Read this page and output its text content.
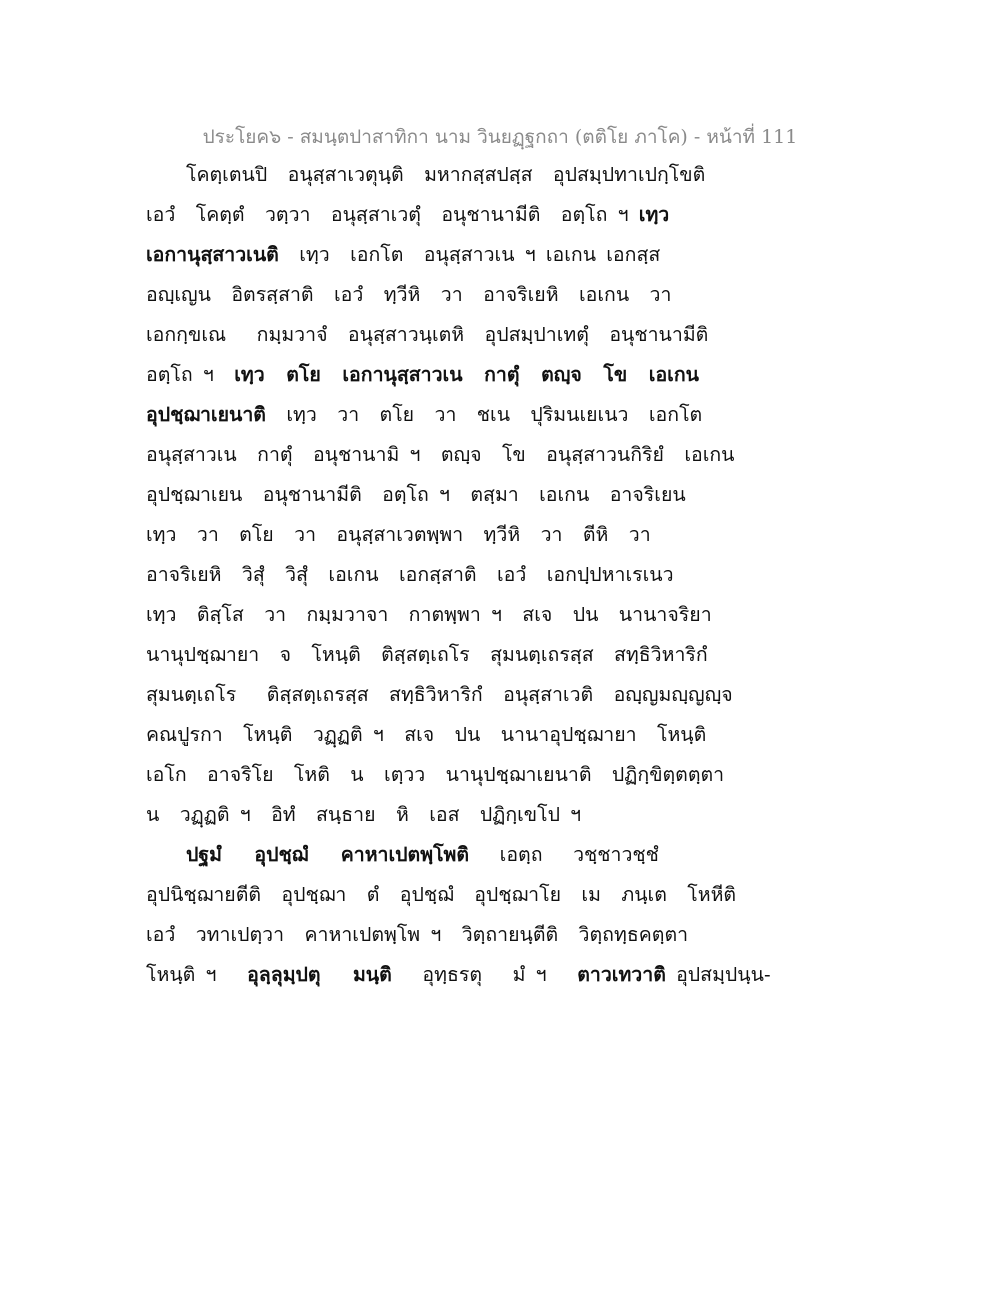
ประโยค๖ - สมนฺตปาสาทิกา นาม วินยฏฺฐกถา (ตติโย ภาโค) - หน้าที่ 111
โคตฺเตนปิ  อนุสฺสาเวตุนฺติ  มหากสฺสปสฺส  อุปสมฺปทาเปกฺโขติ
เอวํ  โคตฺตํ  วตฺวา  อนุสฺสาเวตุํ  อนุชานามีติ  อตฺโถ ฯ เทฺว
เอกานุสฺสาวเนติ  เทฺว  เอกโต  อนุสฺสาวเน ฯ เอเกน เอกสฺส
อญฺเญน  อิตรสฺสาติ  เอวํ  ทฺวีหิ  วา  อาจริเยหิ  เอเกน  วา
เอกกฺขเณ   กมฺมวาจํ  อนุสฺสาวนฺเตหิ  อุปสมฺปาเทตุํ  อนุชานามีติ
อตฺโถ ฯ  เทฺว  ตโย  เอกานุสฺสาวเน  กาตุํ  ตญฺจ  โข  เอเกน
อุปชฺฌาเยนาติ  เทฺว  วา  ตโย  วา  ชเน  ปุริมนเยเนว  เอกโต
อนุสฺสาวเน  กาตุํ  อนุชานามิ ฯ  ตญฺจ  โข  อนุสฺสาวนกิริยํ  เอเกน
อุปชฺฌาเยน  อนุชานามีติ  อตฺโถ ฯ  ตสฺมา  เอเกน  อาจริเยน
เทฺว  วา  ตโย  วา  อนุสฺสาเวตพฺพา  ทฺวีหิ  วา  ตีหิ  วา
อาจริเยหิ  วิสุํ  วิสุํ  เอเกน  เอกสฺสาติ  เอวํ  เอกปฺปหาเรเนว
เทฺว  ติสฺโส  วา  กมฺมวาจา  กาตพฺพา ฯ  สเจ  ปน  นานาจริยา
นานุปชฺฌายา  จ  โหนฺติ  ติสฺสตฺเถโร  สุมนตฺเถรสฺส  สทฺธิวิหาริกํ
สุมนตฺเถโร   ติสฺสตฺเถรสฺส  สทฺธิวิหาริกํ  อนุสฺสาเวติ  อญฺญมญฺญญฺจ
คณปูรกา  โหนฺติ  วฏฺฏติ ฯ  สเจ  ปน  นานาอุปชฺฌายา  โหนฺติ
เอโก  อาจริโย  โหติ  น  เตฺวว  นานุปชฺฌาเยนาติ  ปฏิกฺขิตฺตตฺตา
น  วฏฺฏติ ฯ  อิทํ  สนฺธาย  หิ  เอส  ปฏิกฺเขโป ฯ
ปฐมํ   อุปชฺฌํ   คาหาเปตพฺโพติ   เอตฺถ   วชฺชาวชฺชํ
อุปนิชฺฌายตีติ  อุปชฺฌา  ตํ  อุปชฺฌํ  อุปชฺฌาโย  เม  ภนฺเต  โหหีติ
เอวํ  วทาเปตฺวา  คาหาเปตพฺโพ ฯ  วิตฺถายนฺตีติ  วิตฺถทฺธคตฺตา
โหนฺติ ฯ   อุลฺลุมฺปตุ   มนฺติ   อุทฺธรตุ   มํ ฯ   ตาวเทวาติ อุปสมฺปนฺน-
